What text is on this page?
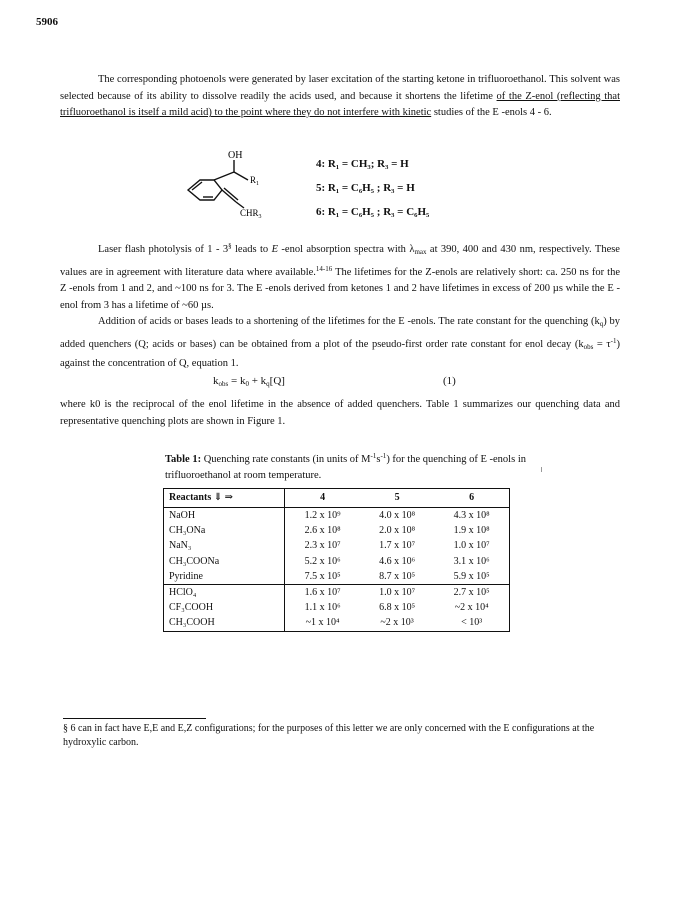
5906

The corresponding photoenols were generated by laser excitation of the starting ketone in trifluoroethanol. This solvent was selected because of its ability to dissolve readily the acids used, and because it shortens the lifetime of the Z-enol (reflecting that trifluoroethanol is itself a mild acid) to the point where they do not interfere with kinetic studies of the E -enols 4 - 6.

OH
$R_1$
$CHR_3$
4: R₁ = CH₃; R₃ = H
5: R₁ = C₆H₅ ; R₃ = H
6: R₁ = C₆H₅ ; R₃ = C₆H₅

Laser flash photolysis of 1 - 3§ leads to E -enol absorption spectra with $\lambda_{max}$ at 390, 400 and 430 nm, respectively. These values are in agreement with literature data where available.$^{14-16}$ The lifetimes for the Z-enols are relatively short: ca. 250 ns for the Z -enols from 1 and 2, and ~100 ns for 3. The E -enols derived from ketones 1 and 2 have lifetimes in excess of 200 µs while the E -enol from 3 has a lifetime of ~60 µs.

Addition of acids or bases leads to a shortening of the lifetimes for the E -enols. The rate constant for the quenching $(k_q)$ by added quenchers (Q; acids or bases) can be obtained from a plot of the pseudo-first order rate constant for enol decay $(k_{obs} = \tau^{-1})$ against the concentration of Q, equation 1.

$k_{obs} = k_0 + k_q[Q]$	(1)

where k0 is the reciprocal of the enol lifetime in the absence of added quenchers. Table 1 summarizes our quenching data and representative quenching plots are shown in Figure 1.

Table 1: Quenching rate constants (in units of $M^{-1}s^{-1}$) for the quenching of E -enols in trifluoroethanol at room temperature.
Reactants ⇓ ⇒	4	5	6
NaOH	1.2 x 10⁹	4.0 x 10⁸	4.3 x 10⁸
CH₃ONa	2.6 x 10⁸	2.0 x 10⁸	1.9 x 10⁸
NaN₃	2.3 x 10⁷	1.7 x 10⁷	1.0 x 10⁷
CH₃COONa	5.2 x 10⁶	4.6 x 10⁶	3.1 x 10⁶
Pyridine	7.5 x 10⁵	8.7 x 10⁵	5.9 x 10⁵
HClO₄	1.6 x 10⁷	1.0 x 10⁷	2.7 x 10⁵
CF₃COOH	1.1 x 10⁶	6.8 x 10⁵	~2 x 10⁴
CH₃COOH	~1 x 10⁴	~2 x 10³	< 10³
§ 6 can in fact have E,E and E,Z configurations; for the purposes of this letter we are only concerned with the E configurations at the hydroxylic carbon.
